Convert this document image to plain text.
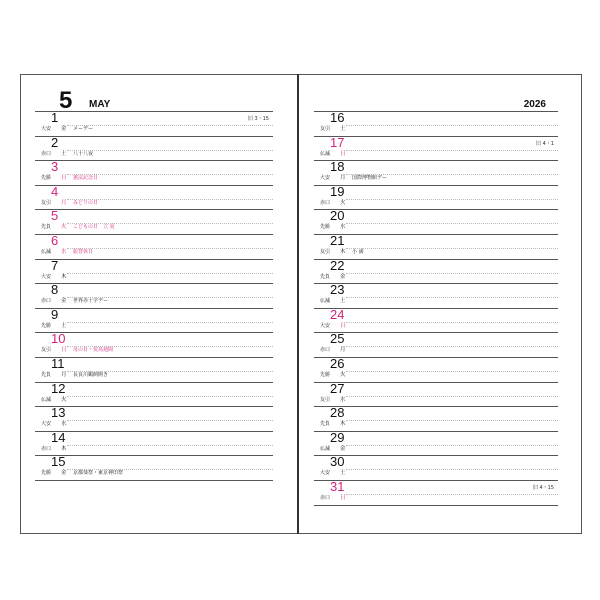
5 MAY
1
大安 金 メーデー
旧 3・15
2
赤口 土 八十八夜
3
先勝 日 憲法記念日
4
友引 月 みどりの日
5
先負 火 こどもの日　立 夏
6
仏滅 水 振替休日
7
大安 木
8
赤口 金 世界赤十字デー
9
先勝 土
10
友引 日 母の日・愛鳥週間
11
先負 月 長良川鵜飼開き
12
仏滅 火
13
大安 水
14
赤口 木
15
先勝 金 京都葵祭・東京神田祭
2026
16
友引 土
17
仏滅 日
旧 4・1
18
大安 月 国際博物館デー
19
赤口 火
20
先勝 水
21
友引 木 小 満
22
先負 金
23
仏滅 土
24
大安 日
25
赤口 月
26
先勝 火
27
友引 水
28
先負 木
29
仏滅 金
30
大安 土
31
赤口 日
旧 4・15
